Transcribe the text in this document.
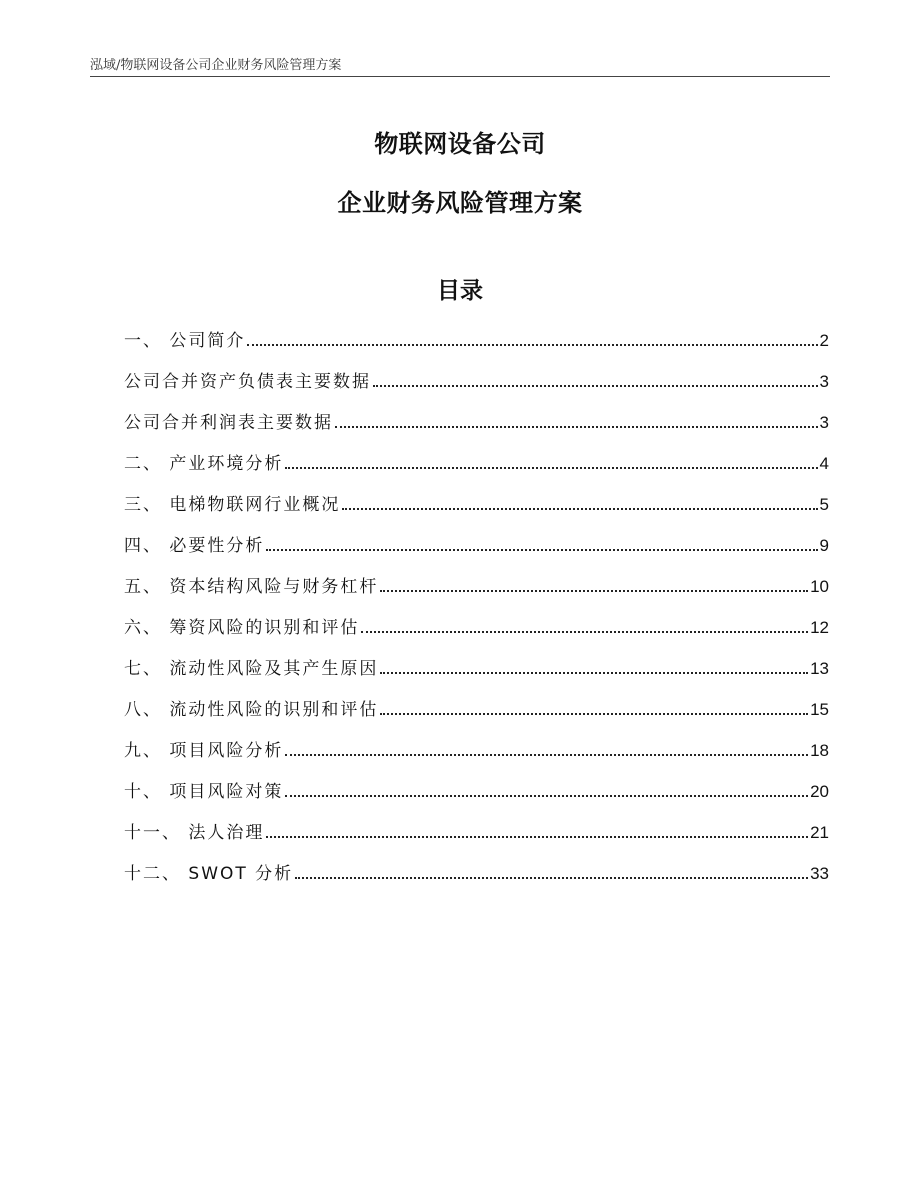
泓域/物联网设备公司企业财务风险管理方案
物联网设备公司
企业财务风险管理方案
目录
一、 公司简介	2
公司合并资产负债表主要数据	3
公司合并利润表主要数据	3
二、 产业环境分析	4
三、 电梯物联网行业概况	5
四、 必要性分析	9
五、 资本结构风险与财务杠杆	10
六、 筹资风险的识别和评估	12
七、 流动性风险及其产生原因	13
八、 流动性风险的识别和评估	15
九、 项目风险分析	18
十、 项目风险对策	20
十一、 法人治理	21
十二、 SWOT 分析	33
